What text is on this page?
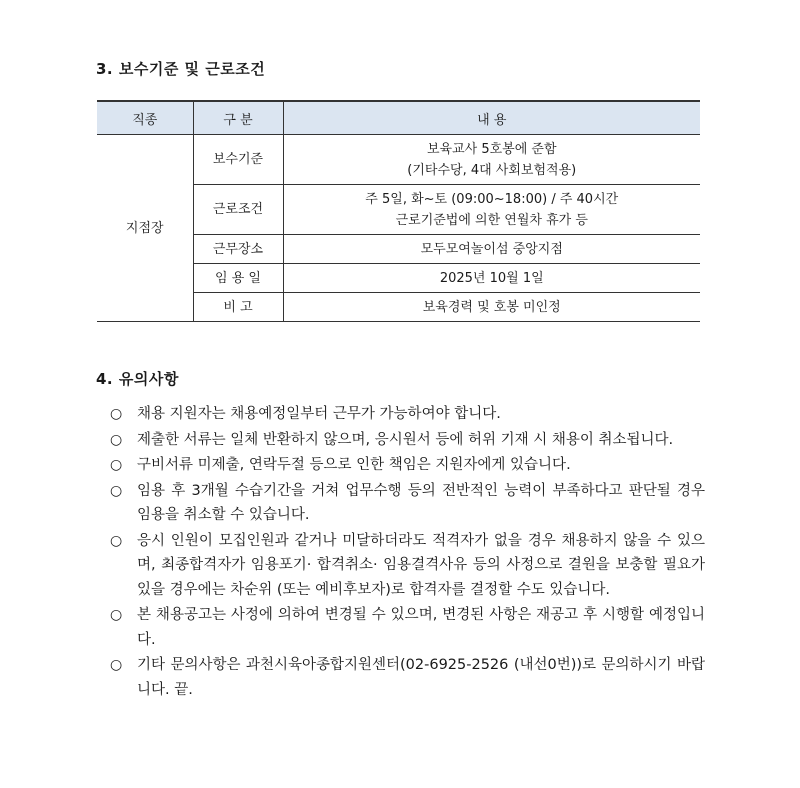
3. 보수기준 및 근로조건
직종	구 분	내 용
지점장	보수기준	보육교사 5호봉에 준함
(기타수당, 4대 사회보험적용)

	근로조건	주 5일, 화~토 (09:00~18:00) / 주 40시간
근로기준법에 의한 연월차 휴가 등

	근무장소	모두모여놀이섬 중앙지점
	임 용 일	2025년 10월 1일
	비 고	보육경력 및 호봉 미인정
4. 유의사항
○	채용 지원자는 채용예정일부터 근무가 가능하여야 합니다.
○	제출한 서류는 일체 반환하지 않으며, 응시원서 등에 허위 기재 시 채용이 취소됩니다.
○	구비서류 미제출, 연락두절 등으로 인한 책임은 지원자에게 있습니다.
○	임용 후 3개월 수습기간을 거쳐 업무수행 등의 전반적인 능력이 부족하다고 판단될 경우 임용을 취소할 수 있습니다.
○	응시 인원이 모집인원과 같거나 미달하더라도 적격자가 없을 경우 채용하지 않을 수 있으며, 최종합격자가 임용포기· 합격취소· 임용결격사유 등의 사정으로 결원을 보충할 필요가 있을 경우에는 차순위 (또는 예비후보자)로 합격자를 결정할 수도 있습니다.
○	본 채용공고는 사정에 의하여 변경될 수 있으며, 변경된 사항은 재공고 후 시행할 예정입니다.
○	기타 문의사항은 과천시육아종합지원센터(02-6925-2526 (내선0번))로 문의하시기 바랍니다. 끝.
